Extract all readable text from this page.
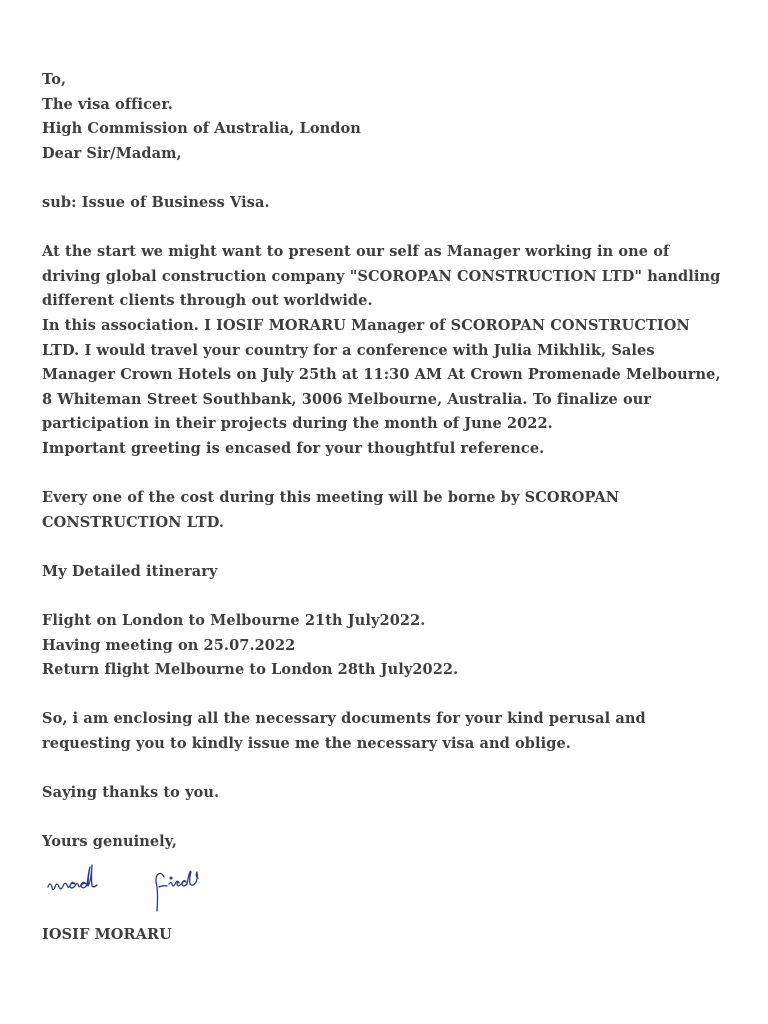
To,
The visa officer.
High Commission of Australia, London
Dear Sir/Madam,
sub: Issue of Business Visa.

At the start we might want to present our self as Manager working in one of driving global construction company "SCOROPAN CONSTRUCTION LTD" handling different clients through out worldwide.

In this association. I IOSIF MORARU Manager of SCOROPAN CONSTRUCTION LTD. I would travel your country for a conference with Julia Mikhlik, Sales Manager Crown Hotels on July 25th at 11:30 AM At Crown Promenade Melbourne, 8 Whiteman Street Southbank, 3006 Melbourne, Australia. To finalize our participation in their projects during the month of June 2022.

Important greeting is encased for your thoughtful reference.

Every one of the cost during this meeting will be borne by SCOROPAN CONSTRUCTION LTD.

My Detailed itinerary
Flight on London to Melbourne 21th July2022.
Having meeting on 25.07.2022
Return flight Melbourne to London 28th July2022.

So, i am enclosing all the necessary documents for your kind perusal and requesting you to kindly issue me the necessary visa and oblige.

Saying thanks to you.
Yours genuinely,
IOSIF MORARU
